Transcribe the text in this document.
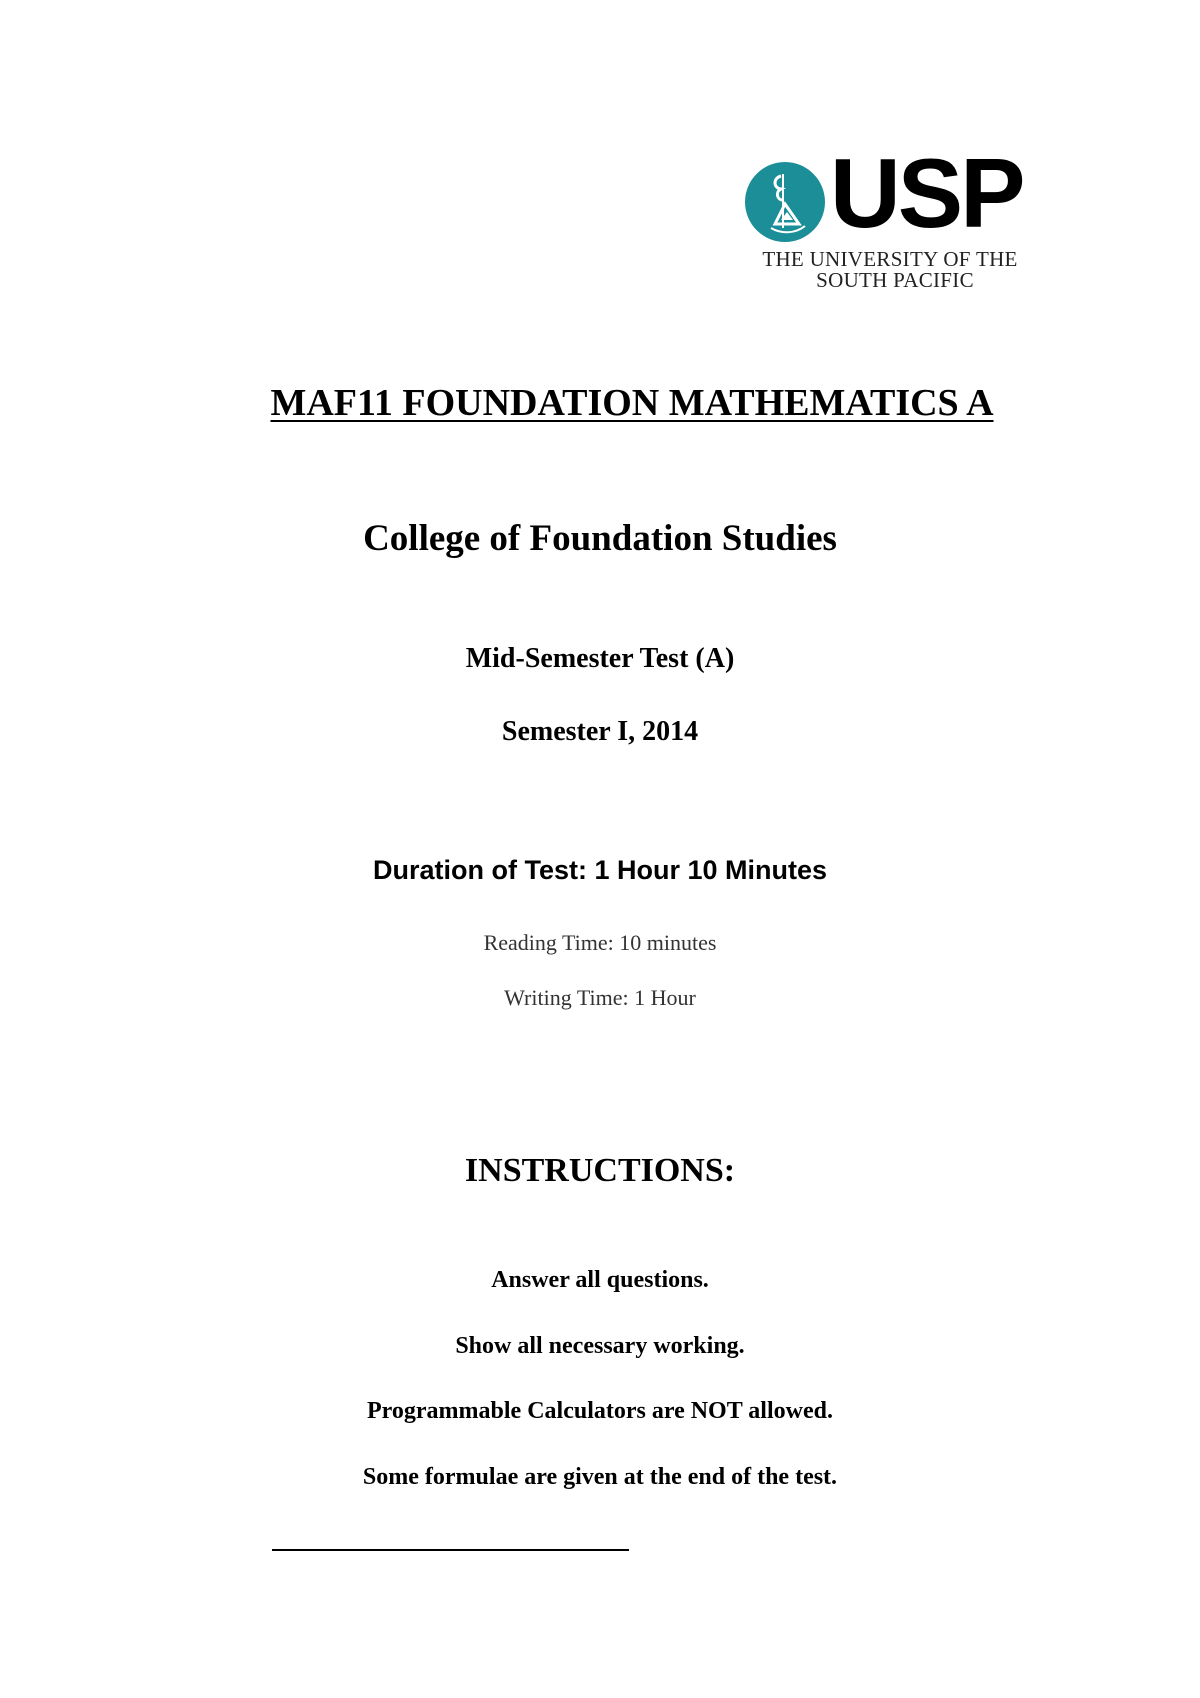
USP
THE UNIVERSITY OF THE
SOUTH PACIFIC
MAF11 FOUNDATION MATHEMATICS A
College of Foundation Studies
Mid-Semester Test (A)
Semester I, 2014
Duration of Test: 1 Hour 10 Minutes
Reading Time: 10 minutes
Writing Time: 1 Hour
INSTRUCTIONS:
Answer all questions.
Show all necessary working.
Programmable Calculators are NOT allowed.
Some formulae are given at the end of the test.
